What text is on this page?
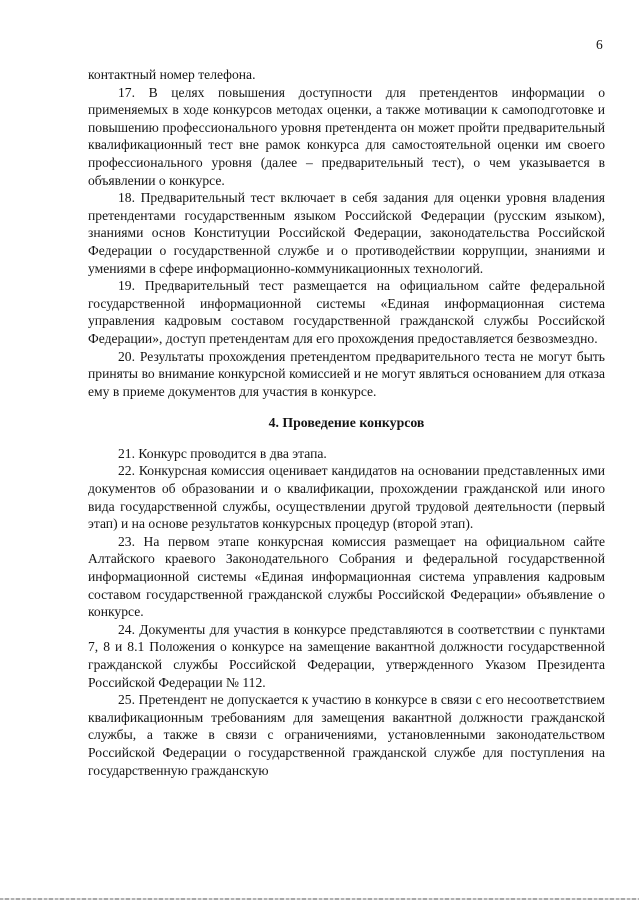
6

контактный номер телефона.

17. В целях повышения доступности для претендентов информации о применяемых в ходе конкурсов методах оценки, а также мотивации к самоподготовке и повышению профессионального уровня претендента он может пройти предварительный квалификационный тест вне рамок конкурса для самостоятельной оценки им своего профессионального уровня (далее – предварительный тест), о чем указывается в объявлении о конкурсе.

18. Предварительный тест включает в себя задания для оценки уровня владения претендентами государственным языком Российской Федерации (русским языком), знаниями основ Конституции Российской Федерации, законодательства Российской Федерации о государственной службе и о противодействии коррупции, знаниями и умениями в сфере информационно-коммуникационных технологий.

19. Предварительный тест размещается на официальном сайте федеральной государственной информационной системы «Единая информационная система управления кадровым составом государственной гражданской службы Российской Федерации», доступ претендентам для его прохождения предоставляется безвозмездно.

20. Результаты прохождения претендентом предварительного теста не могут быть приняты во внимание конкурсной комиссией и не могут являться основанием для отказа ему в приеме документов для участия в конкурсе.

4. Проведение конкурсов

21. Конкурс проводится в два этапа.

22. Конкурсная комиссия оценивает кандидатов на основании представленных ими документов об образовании и о квалификации, прохождении гражданской или иного вида государственной службы, осуществлении другой трудовой деятельности (первый этап) и на основе результатов конкурсных процедур (второй этап).

23. На первом этапе конкурсная комиссия размещает на официальном сайте Алтайского краевого Законодательного Собрания и федеральной государственной информационной системы «Единая информационная система управления кадровым составом государственной гражданской службы Российской Федерации» объявление о конкурсе.

24. Документы для участия в конкурсе представляются в соответствии с пунктами 7, 8 и 8.1 Положения о конкурсе на замещение вакантной должности государственной гражданской службы Российской Федерации, утвержденного Указом Президента Российской Федерации № 112.

25. Претендент не допускается к участию в конкурсе в связи с его несоответствием квалификационным требованиям для замещения вакантной должности гражданской службы, а также в связи с ограничениями, установленными законодательством Российской Федерации о государственной гражданской службе для поступления на государственную гражданскую
